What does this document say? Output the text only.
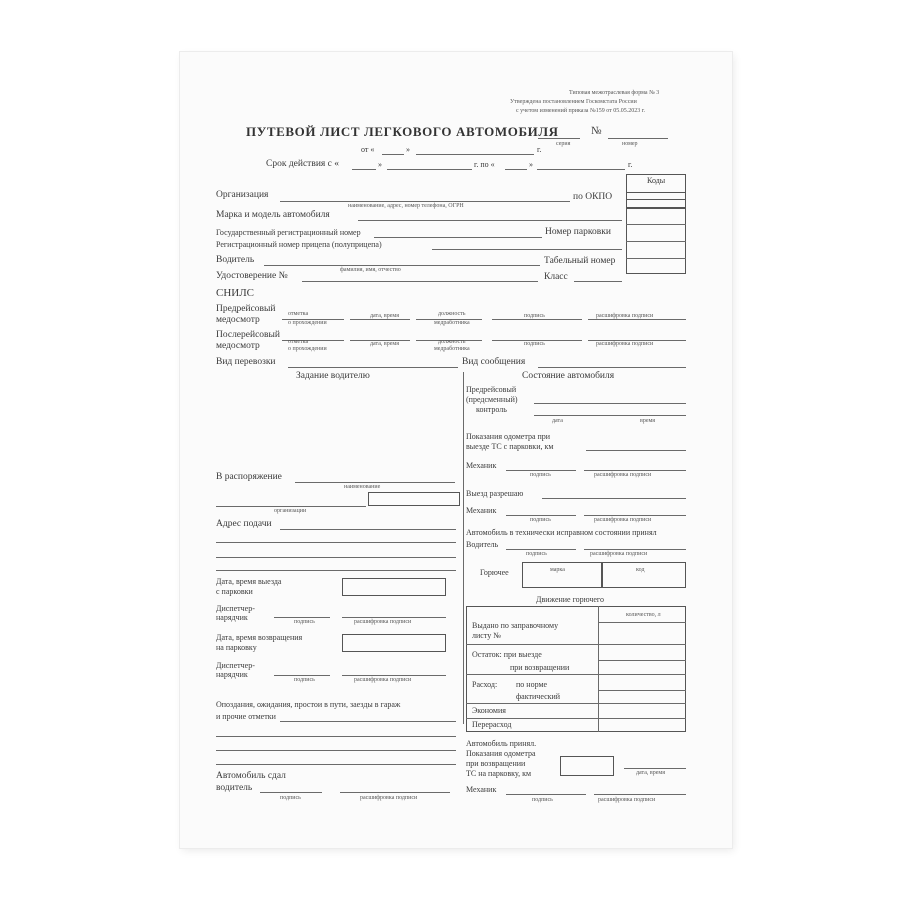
Типовая межотраслевая форма № 3
Утверждена постановлением Госкомстата России
с учетом изменений приказа №159 от 05.05.2023 г.
ПУТЕВОЙ ЛИСТ ЛЕГКОВОГО АВТОМОБИЛЯ	№
серия	номер
от «	»	г.
Срок действия с «	»	г. по «	»	г.
Коды
Организация
наименование, адрес, номер телефона, ОГРН
по ОКПО
Марка и модель автомобиля
Государственный регистрационный номер	Номер парковки
Регистрационный номер прицепа (полуприцепа)
Водитель	Табельный номер
Удостоверение №
фамилия, имя, отчество
Класс
СНИЛС
Предрейсовый
медосмотр
отметка
о прохождении
дата, время	должность
медработника
подпись	расшифровка подписи
Послерейсовый
медосмотр	отметка
о прохождении
дата, время	должность
медработника
подпись	расшифровка подписи
Вид перевозки	Вид сообщения
Задание водителю	Состояние автомобиля
В распоряжение
наименование
организации
Адрес подачи
Дата, время выезда
с парковки
Диспетчер-
нарядчик	подпись	расшифровка подписи
Дата, время возвращения
на парковку
Диспетчер-
нарядчик
подпись	расшифровка подписи
Опоздания, ожидания, простои в пути, заезды в гараж
и прочие отметки
Автомобиль сдал
водитель
подпись	расшифровка подписи
Предрейсовый
(предсменный)
контроль
дата	время
Показания одометра при
выезде ТС с парковки, км
Механик
подпись	расшифровка подписи
Выезд разрешаю
Механик
подпись	расшифровка подписи
Автомобиль в технически исправном состоянии принял
Водитель
подпись	расшифровка подписи
Горючее	марка	код
Движение горючего
количество, л
Выдано по заправочному
листу №
Остаток: при выезде
при возвращении
Расход: по норме
фактический
Экономия
Перерасход
Автомобиль принял.
Показания одометра
при возвращении
ТС на парковку, км	дата, время
Механик
подпись	расшифровка подписи
